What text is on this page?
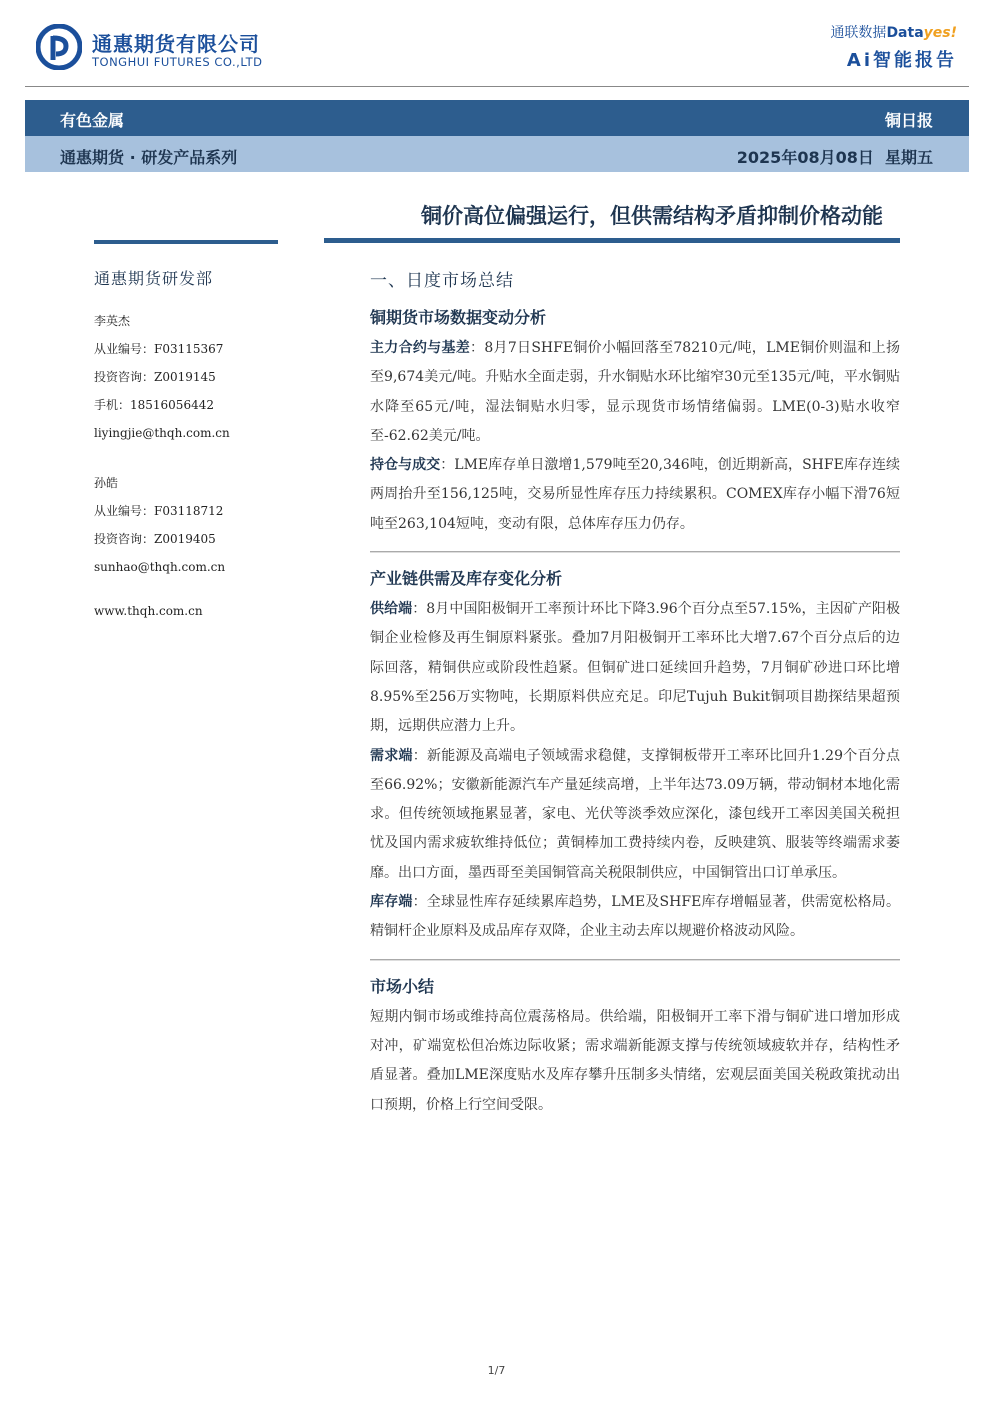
通惠期货有限公司
TONGHUI FUTURES CO.,LTD
通联数据Datayes!
Ai智能报告
有色金属	铜日报
通惠期货 · 研发产品系列	2025年08月08日  星期五
铜价高位偏强运行，但供需结构矛盾抑制价格动能
通惠期货研发部
李英杰
从业编号：F03115367
投资咨询：Z0019145
手机：18516056442
liyingjie@thqh.com.cn
孙皓
从业编号：F03118712
投资咨询：Z0019405
sunhao@thqh.com.cn
www.thqh.com.cn
一、日度市场总结
铜期货市场数据变动分析

主力合约与基差：8月7日SHFE铜价小幅回落至78210元/吨，LME铜价则温和上扬至9,674美元/吨。升贴水全面走弱，升水铜贴水环比缩窄30元至135元/吨，平水铜贴水降至65元/吨，湿法铜贴水归零，显示现货市场情绪偏弱。LME(0-3)贴水收窄至-62.62美元/吨。

持仓与成交：LME库存单日激增1,579吨至20,346吨，创近期新高，SHFE库存连续两周抬升至156,125吨，交易所显性库存压力持续累积。COMEX库存小幅下滑76短吨至263,104短吨，变动有限，总体库存压力仍存。

产业链供需及库存变化分析

供给端：8月中国阳极铜开工率预计环比下降3.96个百分点至57.15%，主因矿产阳极铜企业检修及再生铜原料紧张。叠加7月阳极铜开工率环比大增7.67个百分点后的边际回落，精铜供应或阶段性趋紧。但铜矿进口延续回升趋势，7月铜矿砂进口环比增8.95%至256万实物吨，长期原料供应充足。印尼Tujuh Bukit铜项目勘探结果超预期，远期供应潜力上升。

需求端：新能源及高端电子领域需求稳健，支撑铜板带开工率环比回升1.29个百分点至66.92%；安徽新能源汽车产量延续高增，上半年达73.09万辆，带动铜材本地化需求。但传统领域拖累显著，家电、光伏等淡季效应深化，漆包线开工率因美国关税担忧及国内需求疲软维持低位；黄铜棒加工费持续内卷，反映建筑、服装等终端需求萎靡。出口方面，墨西哥至美国铜管高关税限制供应，中国铜管出口订单承压。

库存端：全球显性库存延续累库趋势，LME及SHFE库存增幅显著，供需宽松格局。精铜杆企业原料及成品库存双降，企业主动去库以规避价格波动风险。

市场小结

短期内铜市场或维持高位震荡格局。供给端，阳极铜开工率下滑与铜矿进口增加形成对冲，矿端宽松但冶炼边际收紧；需求端新能源支撑与传统领域疲软并存，结构性矛盾显著。叠加LME深度贴水及库存攀升压制多头情绪，宏观层面美国关税政策扰动出口预期，价格上行空间受限。

1/7
